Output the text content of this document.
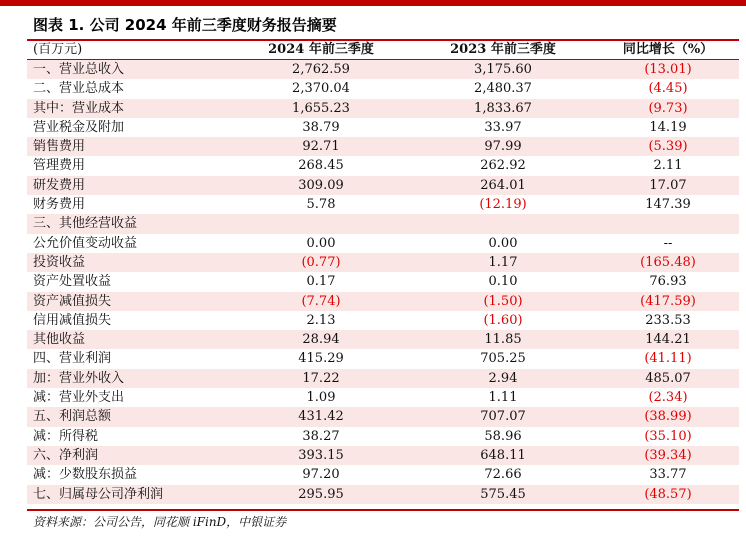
图表 1. 公司 2024 年前三季度财务报告摘要
(百万元)	2024 年前三季度	2023 年前三季度	同比增长（%）
一、营业总收入	2,762.59	3,175.60	(13.01)
二、营业总成本	2,370.04	2,480.37	(4.45)
其中：营业成本	1,655.23	1,833.67	(9.73)
营业税金及附加	38.79	33.97	14.19
销售费用	92.71	97.99	(5.39)
管理费用	268.45	262.92	2.11
研发费用	309.09	264.01	17.07
财务费用	5.78	(12.19)	147.39
三、其他经营收益
公允价值变动收益	0.00	0.00	--
投资收益	(0.77)	1.17	(165.48)
资产处置收益	0.17	0.10	76.93
资产减值损失	(7.74)	(1.50)	(417.59)
信用减值损失	2.13	(1.60)	233.53
其他收益	28.94	11.85	144.21
四、营业利润	415.29	705.25	(41.11)
加：营业外收入	17.22	2.94	485.07
减：营业外支出	1.09	1.11	(2.34)
五、利润总额	431.42	707.07	(38.99)
减：所得税	38.27	58.96	(35.10)
六、净利润	393.15	648.11	(39.34)
减：少数股东损益	97.20	72.66	33.77
七、归属母公司净利润	295.95	575.45	(48.57)
资料来源：公司公告，同花顺 iFinD，中银证券
